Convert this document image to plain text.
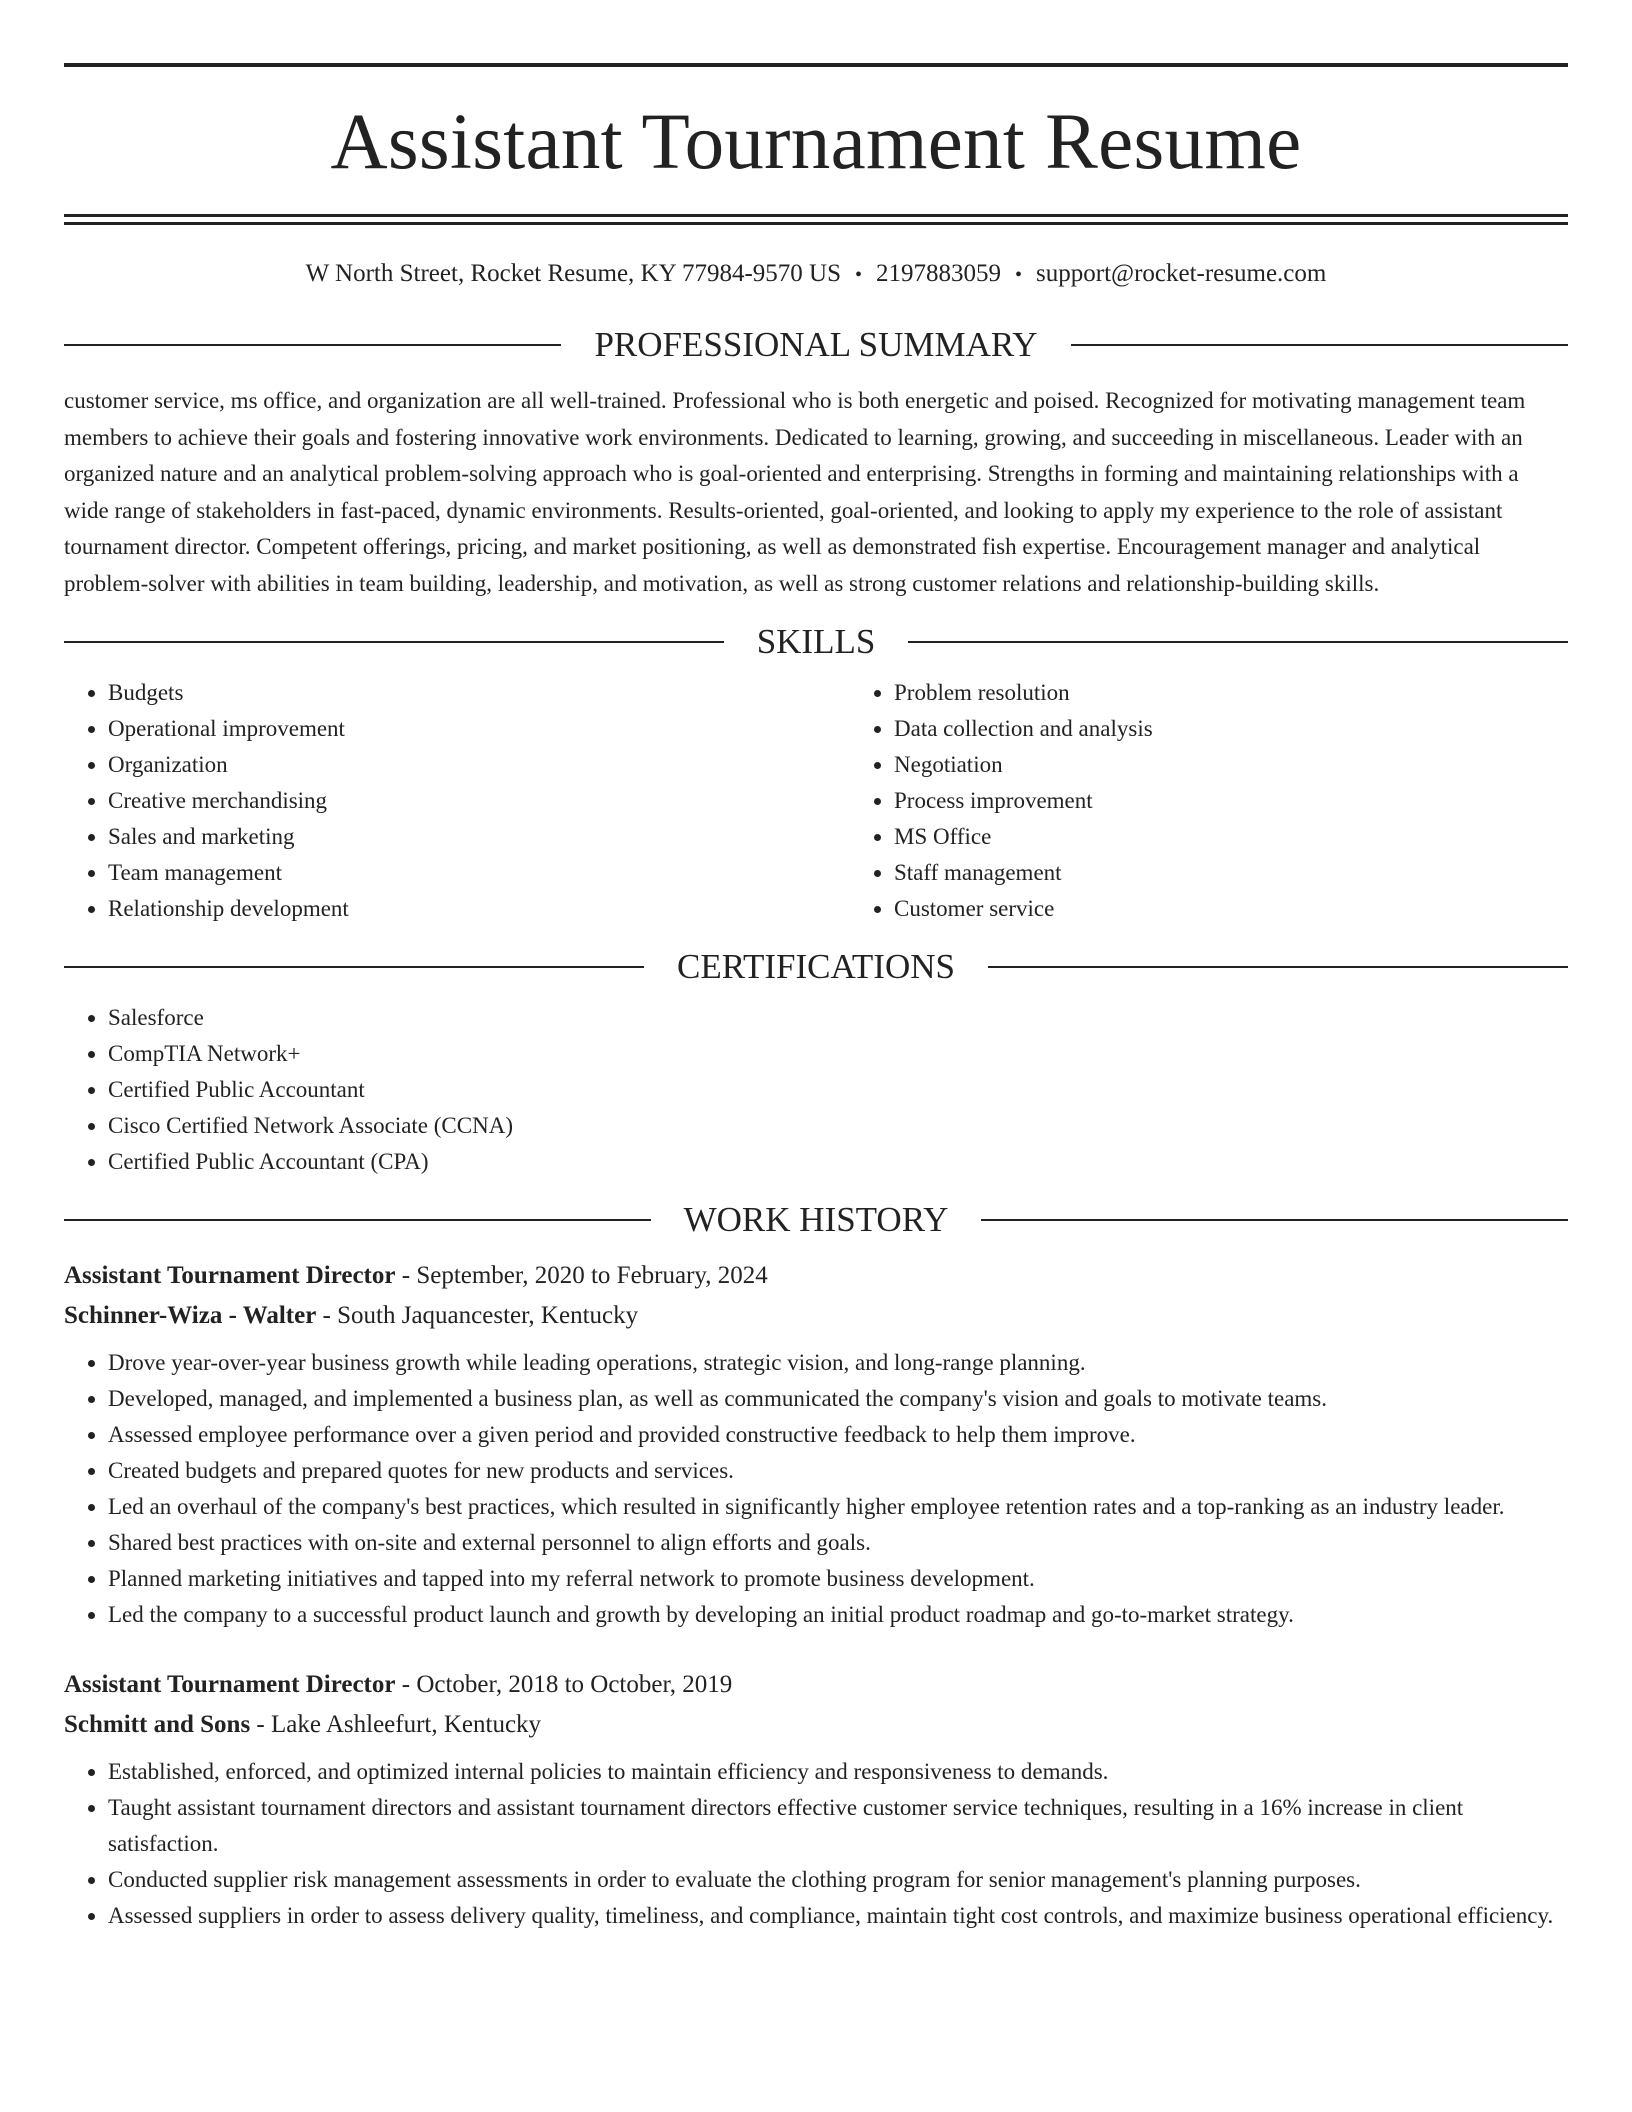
Assistant Tournament Resume
W North Street, Rocket Resume, KY 77984-9570 US • 2197883059 • support@rocket-resume.com
PROFESSIONAL SUMMARY

customer service, ms office, and organization are all well-trained. Professional who is both energetic and poised. Recognized for motivating management team members to achieve their goals and fostering innovative work environments. Dedicated to learning, growing, and succeeding in miscellaneous. Leader with an organized nature and an analytical problem-solving approach who is goal-oriented and enterprising. Strengths in forming and maintaining relationships with a wide range of stakeholders in fast-paced, dynamic environments. Results-oriented, goal-oriented, and looking to apply my experience to the role of assistant tournament director. Competent offerings, pricing, and market positioning, as well as demonstrated fish expertise. Encouragement manager and analytical problem-solver with abilities in team building, leadership, and motivation, as well as strong customer relations and relationship-building skills.

SKILLS
• Budgets
• Operational improvement
• Organization
• Creative merchandising
• Sales and marketing
• Team management
• Relationship development
• Problem resolution
• Data collection and analysis
• Negotiation
• Process improvement
• MS Office
• Staff management
• Customer service
CERTIFICATIONS
• Salesforce
• CompTIA Network+
• Certified Public Accountant
• Cisco Certified Network Associate (CCNA)
• Certified Public Accountant (CPA)
WORK HISTORY
Assistant Tournament Director - September, 2020 to February, 2024
Schinner-Wiza - Walter - South Jaquancester, Kentucky
• Drove year-over-year business growth while leading operations, strategic vision, and long-range planning.
• Developed, managed, and implemented a business plan, as well as communicated the company's vision and goals to motivate teams.
• Assessed employee performance over a given period and provided constructive feedback to help them improve.
• Created budgets and prepared quotes for new products and services.
• Led an overhaul of the company's best practices, which resulted in significantly higher employee retention rates and a top-ranking as an industry leader.
• Shared best practices with on-site and external personnel to align efforts and goals.
• Planned marketing initiatives and tapped into my referral network to promote business development.
• Led the company to a successful product launch and growth by developing an initial product roadmap and go-to-market strategy.
Assistant Tournament Director - October, 2018 to October, 2019
Schmitt and Sons - Lake Ashleefurt, Kentucky
• Established, enforced, and optimized internal policies to maintain efficiency and responsiveness to demands.
• Taught assistant tournament directors and assistant tournament directors effective customer service techniques, resulting in a 16% increase in client satisfaction.
• Conducted supplier risk management assessments in order to evaluate the clothing program for senior management's planning purposes.
• Assessed suppliers in order to assess delivery quality, timeliness, and compliance, maintain tight cost controls, and maximize business operational efficiency.
